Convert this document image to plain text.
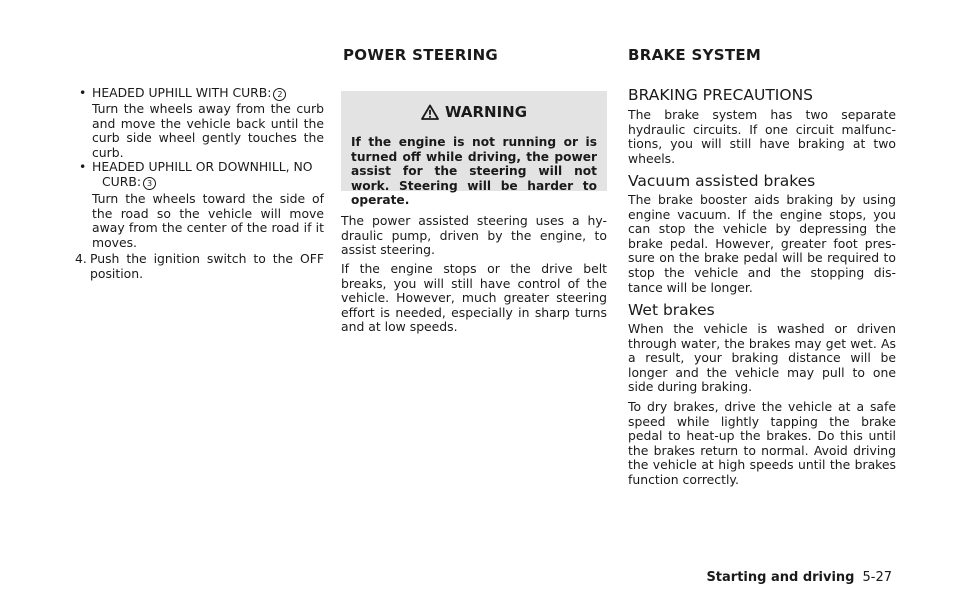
• HEADED UPHILL WITH CURB: 2

Turn the wheels away from the curb and move the vehicle back until the curb side wheel gently touches the curb.

• HEADED UPHILL OR DOWNHILL, NO
CURB: 3

Turn the wheels toward the side of the road so the vehicle will move away from the center of the road if it moves.

4. Push the ignition switch to the OFF position.

POWER STEERING
WARNING

If the engine is not running or is turned off while driving, the power assist for the steering will not work. Steering will be harder to operate.

The power assisted steering uses a hy-draulic pump, driven by the engine, to assist steering.

If the engine stops or the drive belt breaks, you will still have control of the vehicle. However, much greater steering effort is needed, especially in sharp turns and at low speeds.

BRAKE SYSTEM
BRAKING PRECAUTIONS

The brake system has two separate hydraulic circuits. If one circuit malfunc-tions, you will still have braking at two wheels.

Vacuum assisted brakes

The brake booster aids braking by using engine vacuum. If the engine stops, you can stop the vehicle by depressing the brake pedal. However, greater foot pres-sure on the brake pedal will be required to stop the vehicle and the stopping dis-tance will be longer.

Wet brakes

When the vehicle is washed or driven through water, the brakes may get wet. As a result, your braking distance will be longer and the vehicle may pull to one side during braking.

To dry brakes, drive the vehicle at a safe speed while lightly tapping the brake pedal to heat-up the brakes. Do this until the brakes return to normal. Avoid driving the vehicle at high speeds until the brakes function correctly.

Starting and driving 5-27
